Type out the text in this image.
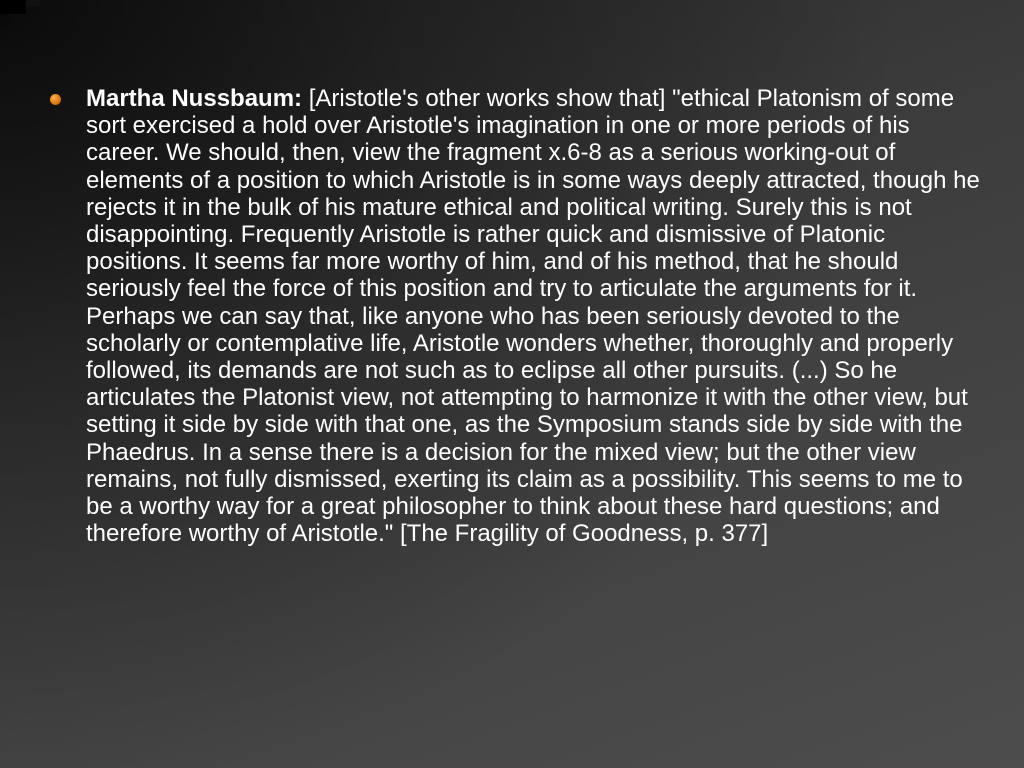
Martha Nussbaum: [Aristotle's other works show that] "ethical Platonism of some sort exercised a hold over Aristotle's imagination in one or more periods of his career. We should, then, view the fragment x.6-8 as a serious working-out of elements of a position to which Aristotle is in some ways deeply attracted, though he rejects it in the bulk of his mature ethical and political writing. Surely this is not disappointing. Frequently Aristotle is rather quick and dismissive of Platonic positions. It seems far more worthy of him, and of his method, that he should seriously feel the force of this position and try to articulate the arguments for it. Perhaps we can say that, like anyone who has been seriously devoted to the scholarly or contemplative life, Aristotle wonders whether, thoroughly and properly followed, its demands are not such as to eclipse all other pursuits. (...) So he articulates the Platonist view, not attempting to harmonize it with the other view, but setting it side by side with that one, as the Symposium stands side by side with the Phaedrus. In a sense there is a decision for the mixed view; but the other view remains, not fully dismissed, exerting its claim as a possibility. This seems to me to be a worthy way for a great philosopher to think about these hard questions; and therefore worthy of Aristotle." [The Fragility of Goodness, p. 377]
